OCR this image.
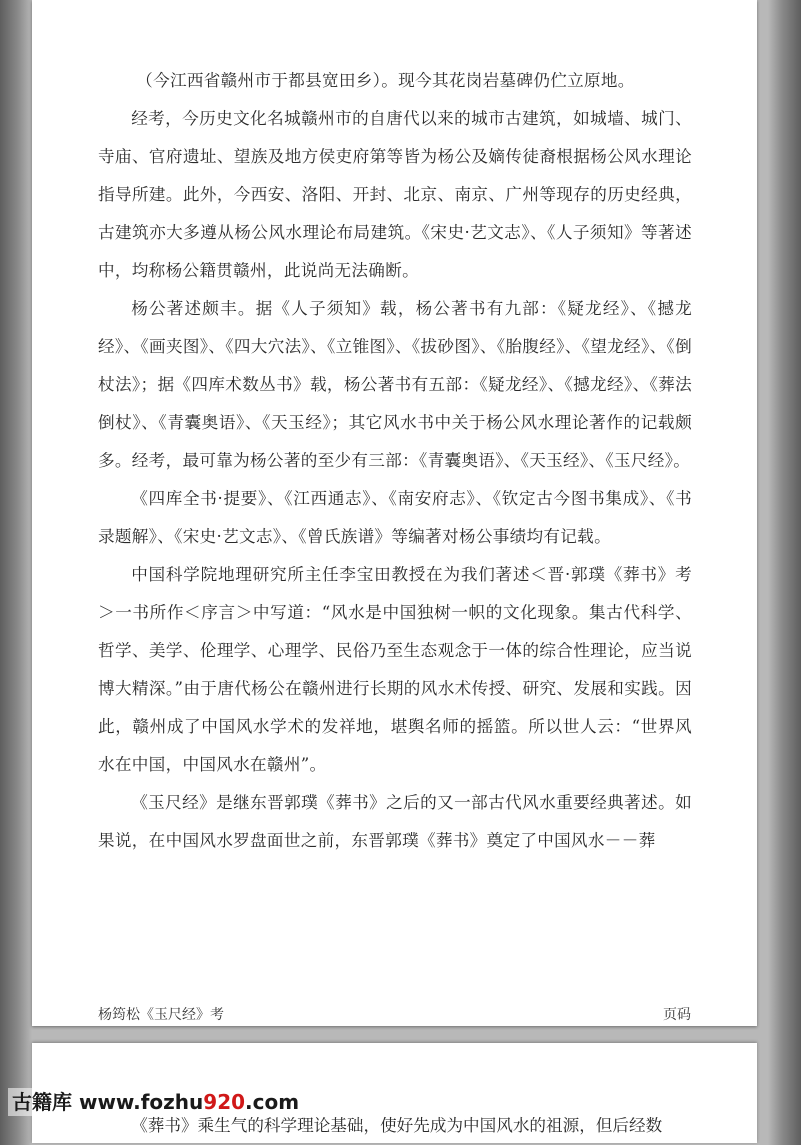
（今江西省赣州市于都县宽田乡）。现今其花岗岩墓碑仍伫立原地。

经考，今历史文化名城赣州市的自唐代以来的城市古建筑，如城墙、城门、寺庙、官府遗址、望族及地方侯吏府第等皆为杨公及嫡传徒裔根据杨公风水理论指导所建。此外，今西安、洛阳、开封、北京、南京、广州等现存的历史经典，古建筑亦大多遵从杨公风水理论布局建筑。《宋史·艺文志》、《人子须知》等著述中，均称杨公籍贯赣州，此说尚无法确断。

杨公著述颇丰。据《人子须知》载，杨公著书有九部：《疑龙经》、《撼龙经》、《画夹图》、《四大穴法》、《立锥图》、《拔砂图》、《胎腹经》、《望龙经》、《倒杖法》；据《四库术数丛书》载，杨公著书有五部：《疑龙经》、《撼龙经》、《葬法倒杖》、《青囊奥语》、《天玉经》；其它风水书中关于杨公风水理论著作的记载颇多。经考，最可靠为杨公著的至少有三部：《青囊奥语》、《天玉经》、《玉尺经》。

《四库全书·提要》、《江西通志》、《南安府志》、《钦定古今图书集成》、《书录题解》、《宋史·艺文志》、《曾氏族谱》等编著对杨公事绩均有记载。

中国科学院地理研究所主任李宝田教授在为我们著述＜晋·郭璞《葬书》考＞一书所作＜序言＞中写道：“风水是中国独树一帜的文化现象。集古代科学、哲学、美学、伦理学、心理学、民俗乃至生态观念于一体的综合性理论，应当说博大精深。”由于唐代杨公在赣州进行长期的风水术传授、研究、发展和实践。因此，赣州成了中国风水学术的发祥地，堪舆名师的摇篮。所以世人云：“世界风水在中国，中国风水在赣州”。

《玉尺经》是继东晋郭璞《葬书》之后的又一部古代风水重要经典著述。如果说，在中国风水罗盘面世之前，东晋郭璞《葬书》奠定了中国风水－－葬

杨筠松《玉尺经》考	页码
《葬书》乘生气的科学理论基础，使好先成为中国风水的祖源，但后经数
古籍库 www.fozhu920.com
